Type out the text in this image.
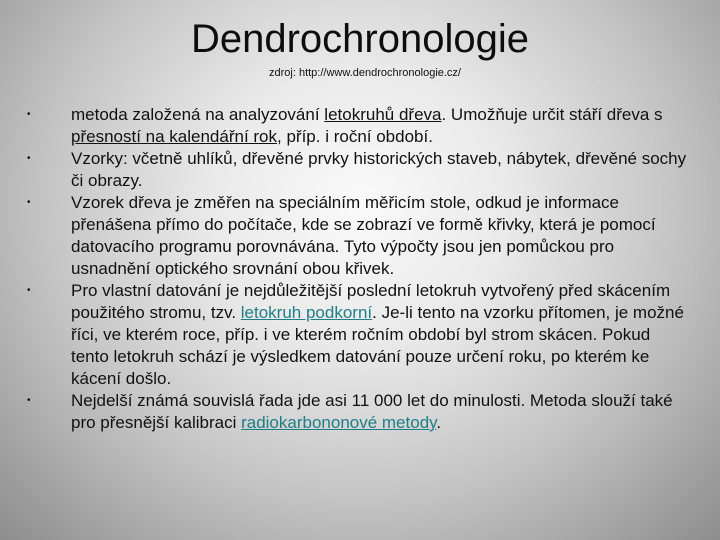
Dendrochronologie
zdroj: http://www.dendrochronologie.cz/
•	metoda založená na analyzování letokruhů dřeva. Umožňuje určit stáří dřeva s přesností na kalendářní rok, příp. i roční období.
•	Vzorky: včetně uhlíků, dřevěné prvky historických staveb, nábytek, dřevěné sochy či obrazy.
•	Vzorek dřeva je změřen na speciálním měřicím stole, odkud je informace přenášena přímo do počítače, kde se zobrazí ve formě křivky, která je pomocí datovacího programu porovnávána. Tyto výpočty jsou jen pomůckou pro usnadnění optického srovnání obou křivek.
•	Pro vlastní datování je nejdůležitější poslední letokruh vytvořený před skácením použitého stromu, tzv. letokruh podkorní. Je-li tento na vzorku přítomen, je možné říci, ve kterém roce, příp. i ve kterém ročním období byl strom skácen. Pokud tento letokruh schází je výsledkem datování pouze určení roku, po kterém ke kácení došlo.
•	Nejdelší známá souvislá řada jde asi 11 000 let do minulosti. Metoda slouží také pro přesnější kalibraci radiokarbononové metody.
